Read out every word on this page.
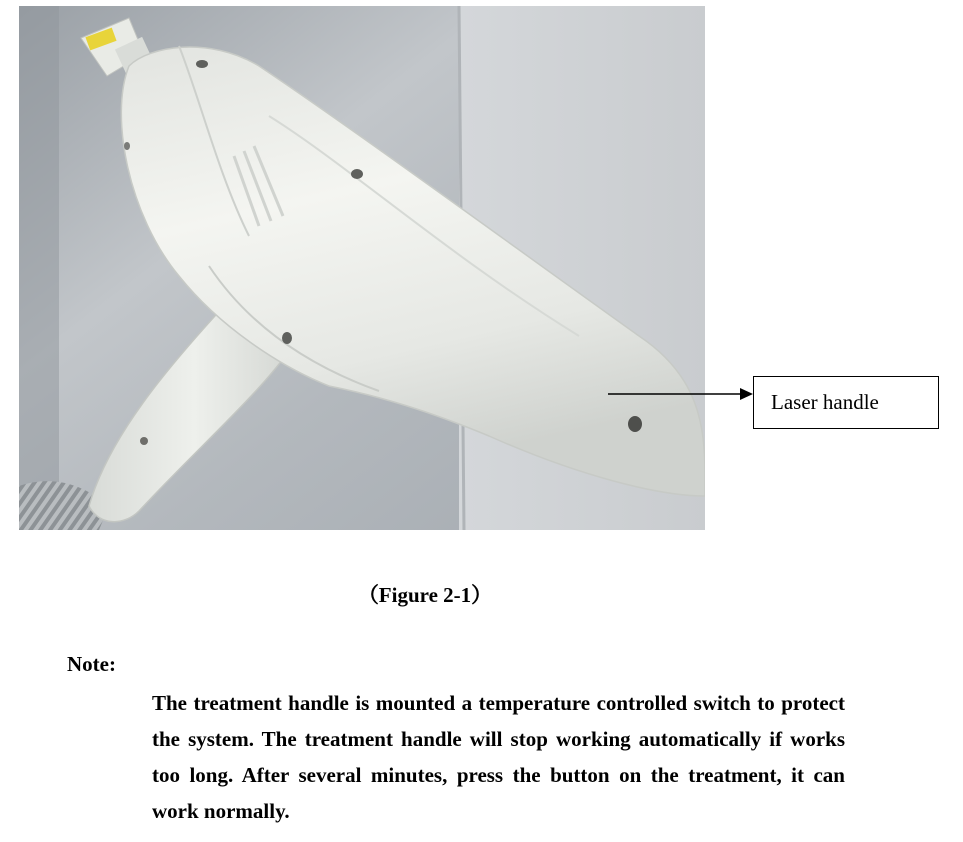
Laser handle
（Figure 2-1）
Note:
The treatment handle is mounted a temperature controlled switch to protect the system. The treatment handle will stop working automatically if works too long. After several minutes, press the button on the treatment, it can work normally.
